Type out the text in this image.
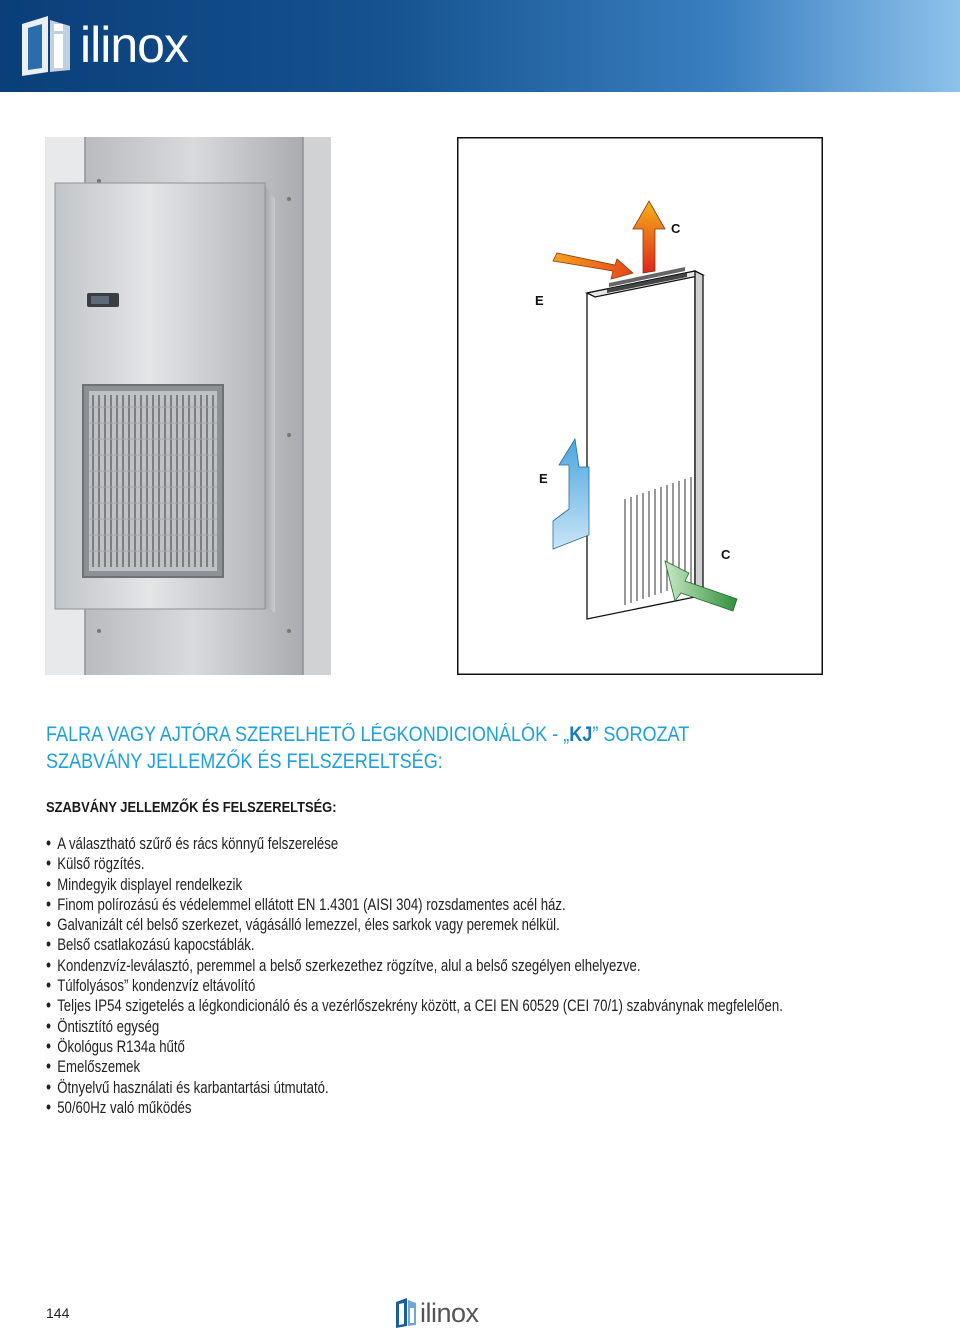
ilinox
C
E
E
C
FALRA VAGY AJTÓRA SZERELHETŐ LÉGKONDICIONÁLÓK - „KJ” SOROZAT
SZABVÁNY JELLEMZŐK ÉS FELSZERELTSÉG:
SZABVÁNY JELLEMZŐK ÉS FELSZERELTSÉG:
• A választható szűrő és rács könnyű felszerelése
• Külső rögzítés.
• Mindegyik displayel rendelkezik
• Finom polírozású és védelemmel ellátott EN 1.4301 (AISI 304) rozsdamentes acél ház.
• Galvanizált cél belső szerkezet, vágásálló lemezzel, éles sarkok vagy peremek nélkül.
• Belső csatlakozású kapocstáblák.
• Kondenzvíz-leválasztó, peremmel a belső szerkezethez rögzítve, alul a belső szegélyen elhelyezve.
• Túlfolyásos” kondenzvíz eltávolító
• Teljes IP54 szigetelés a légkondicionáló és a vezérlőszekrény között, a CEI EN 60529 (CEI 70/1) szabványnak megfelelően.
• Öntisztító egység
• Ökológus R134a hűtő
• Emelőszemek
• Ötnyelvű használati és karbantartási útmutató.
• 50/60Hz való működés
144	ilinox
